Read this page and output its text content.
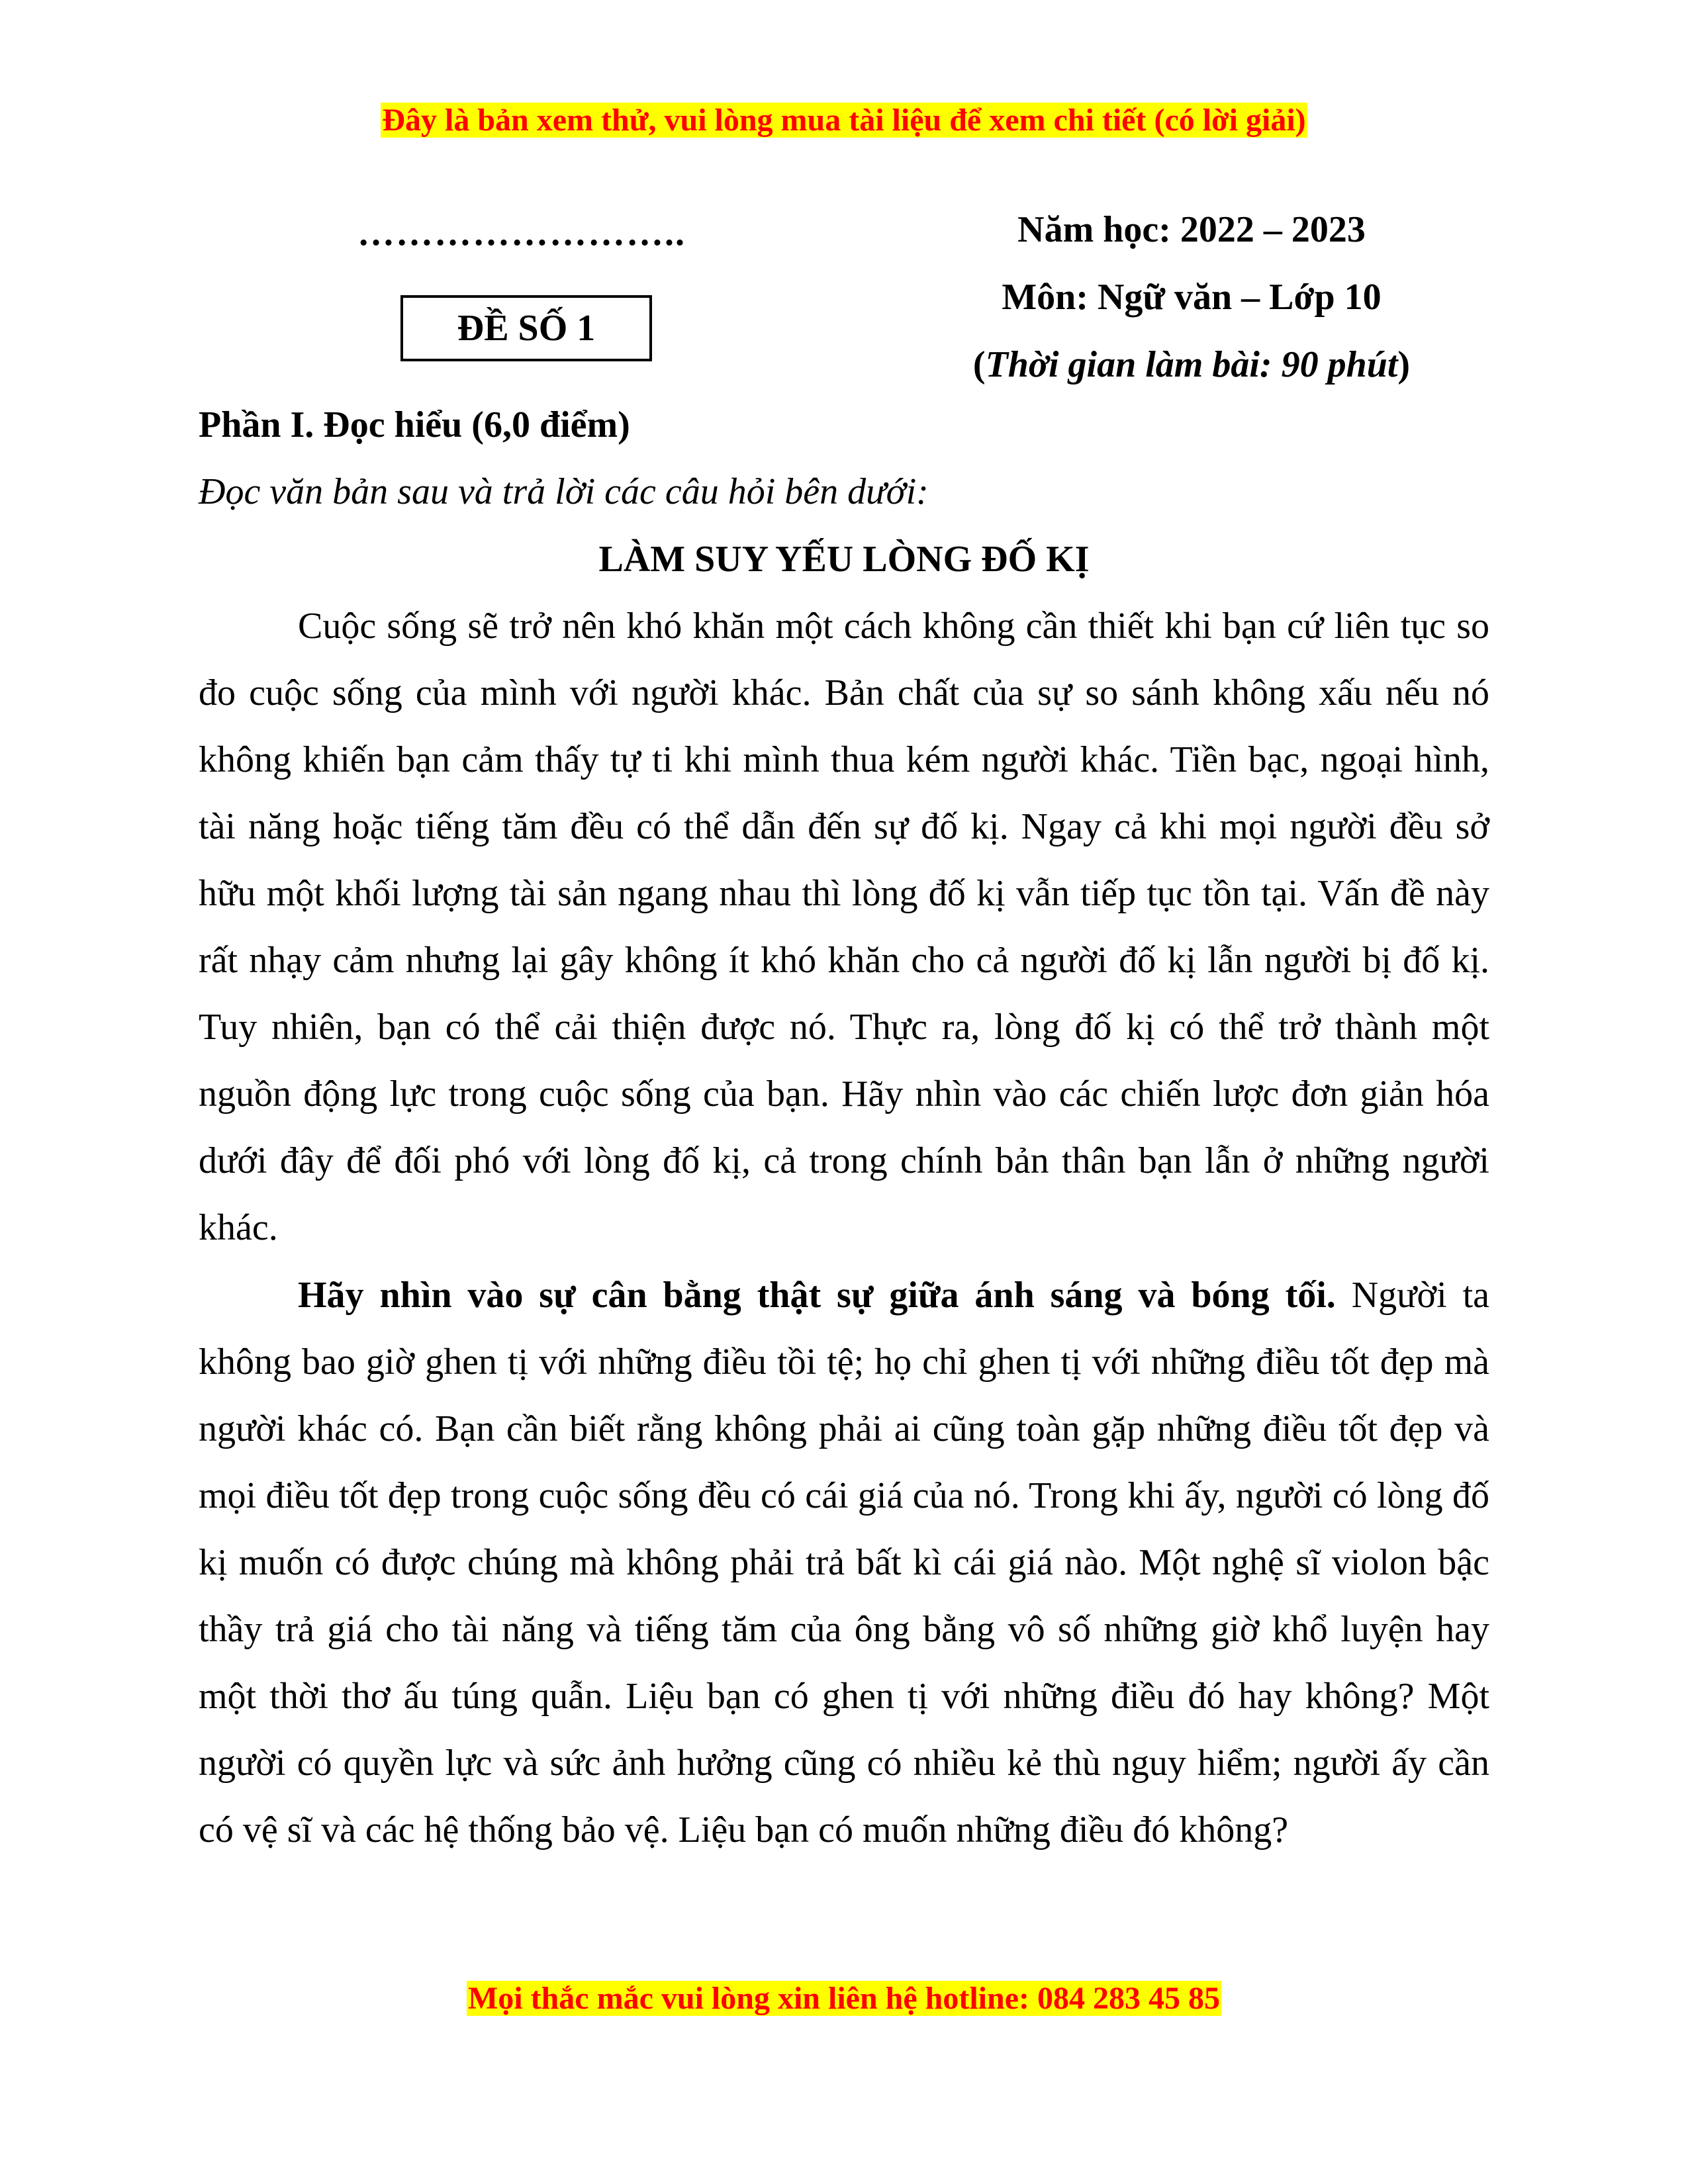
Đây là bản xem thử, vui lòng mua tài liệu để xem chi tiết (có lời giải)
……………………..
ĐỀ SỐ 1
Năm học: 2022 – 2023
Môn: Ngữ văn – Lớp 10
(Thời gian làm bài: 90 phút)
Phần I. Đọc hiểu (6,0 điểm)
Đọc văn bản sau và trả lời các câu hỏi bên dưới:
LÀM SUY YẾU LÒNG ĐỐ KỊ

Cuộc sống sẽ trở nên khó khăn một cách không cần thiết khi bạn cứ liên tục so đo cuộc sống của mình với người khác. Bản chất của sự so sánh không xấu nếu nó không khiến bạn cảm thấy tự ti khi mình thua kém người khác. Tiền bạc, ngoại hình, tài năng hoặc tiếng tăm đều có thể dẫn đến sự đố kị. Ngay cả khi mọi người đều sở hữu một khối lượng tài sản ngang nhau thì lòng đố kị vẫn tiếp tục tồn tại. Vấn đề này rất nhạy cảm nhưng lại gây không ít khó khăn cho cả người đố kị lẫn người bị đố kị. Tuy nhiên, bạn có thể cải thiện được nó. Thực ra, lòng đố kị có thể trở thành một nguồn động lực trong cuộc sống của bạn. Hãy nhìn vào các chiến lược đơn giản hóa dưới đây để đối phó với lòng đố kị, cả trong chính bản thân bạn lẫn ở những người khác.

Hãy nhìn vào sự cân bằng thật sự giữa ánh sáng và bóng tối. Người ta không bao giờ ghen tị với những điều tồi tệ; họ chỉ ghen tị với những điều tốt đẹp mà người khác có. Bạn cần biết rằng không phải ai cũng toàn gặp những điều tốt đẹp và mọi điều tốt đẹp trong cuộc sống đều có cái giá của nó. Trong khi ấy, người có lòng đố kị muốn có được chúng mà không phải trả bất kì cái giá nào. Một nghệ sĩ violon bậc thầy trả giá cho tài năng và tiếng tăm của ông bằng vô số những giờ khổ luyện hay một thời thơ ấu túng quẫn. Liệu bạn có ghen tị với những điều đó hay không? Một người có quyền lực và sức ảnh hưởng cũng có nhiều kẻ thù nguy hiểm; người ấy cần có vệ sĩ và các hệ thống bảo vệ. Liệu bạn có muốn những điều đó không?

Mọi thắc mắc vui lòng xin liên hệ hotline: 084 283 45 85
